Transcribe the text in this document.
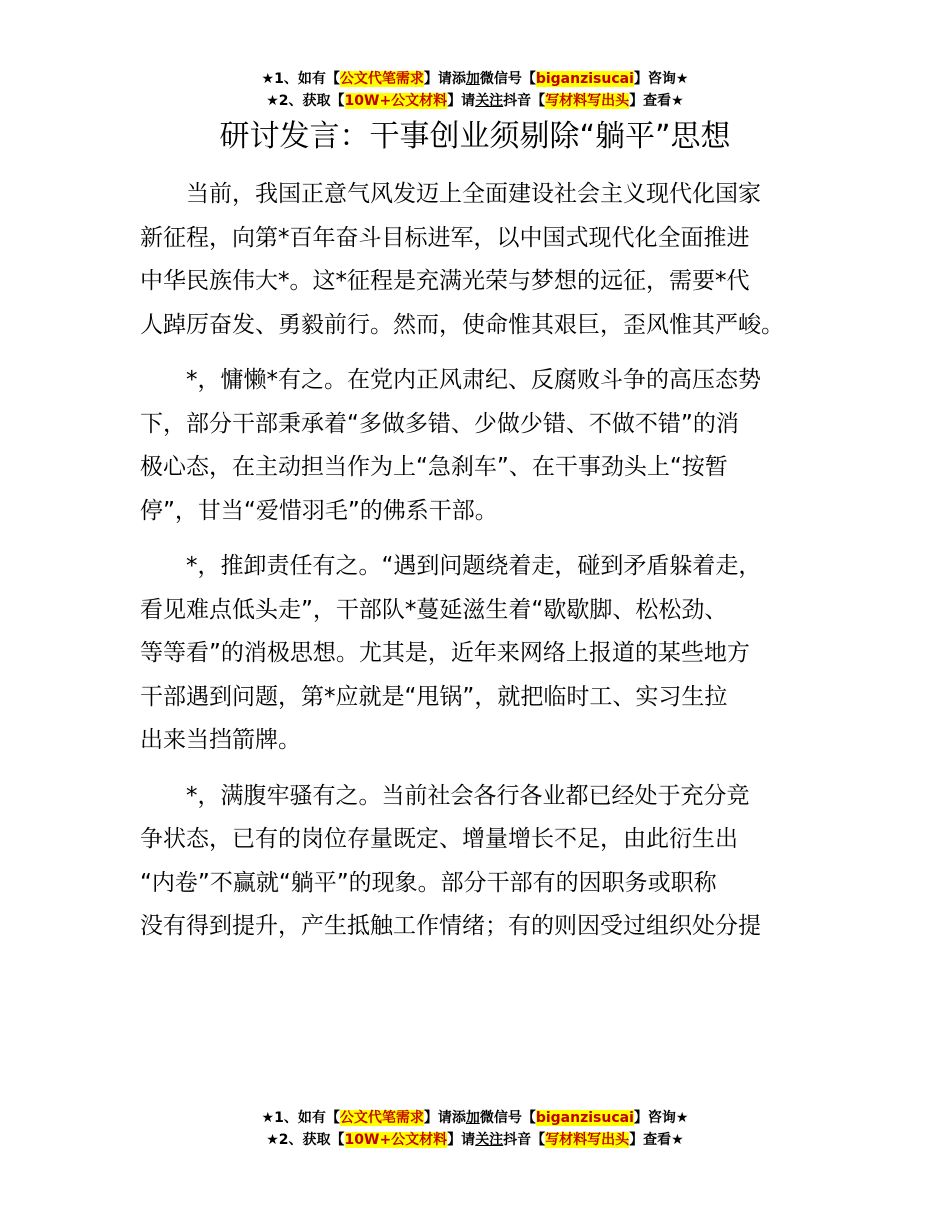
★1、如有【公文代笔需求】请添加微信号【biganzisucai】咨询★
★2、获取【10W+公文材料】请关注抖音【写材料写出头】查看★
研讨发言：干事创业须剔除“躺平”思想
当前，我国正意气风发迈上全面建设社会主义现代化国家
新征程，向第*百年奋斗目标进军，以中国式现代化全面推进
中华民族伟大*。这*征程是充满光荣与梦想的远征，需要*代
人踔厉奋发、勇毅前行。然而，使命惟其艰巨，歪风惟其严峻。
*，慵懒*有之。在党内正风肃纪、反腐败斗争的高压态势
下，部分干部秉承着“多做多错、少做少错、不做不错”的消
极心态，在主动担当作为上“急刹车”、在干事劲头上“按暂
停”，甘当“爱惜羽毛”的佛系干部。
*，推卸责任有之。“遇到问题绕着走，碰到矛盾躲着走，
看见难点低头走”，干部队*蔓延滋生着“歇歇脚、松松劲、
等等看”的消极思想。尤其是，近年来网络上报道的某些地方
干部遇到问题，第*应就是“甩锅”，就把临时工、实习生拉
出来当挡箭牌。
*，满腹牢骚有之。当前社会各行各业都已经处于充分竞
争状态，已有的岗位存量既定、增量增长不足，由此衍生出
“内卷”不赢就“躺平”的现象。部分干部有的因职务或职称
没有得到提升，产生抵触工作情绪；有的则因受过组织处分提
★1、如有【公文代笔需求】请添加微信号【biganzisucai】咨询★
★2、获取【10W+公文材料】请关注抖音【写材料写出头】查看★
